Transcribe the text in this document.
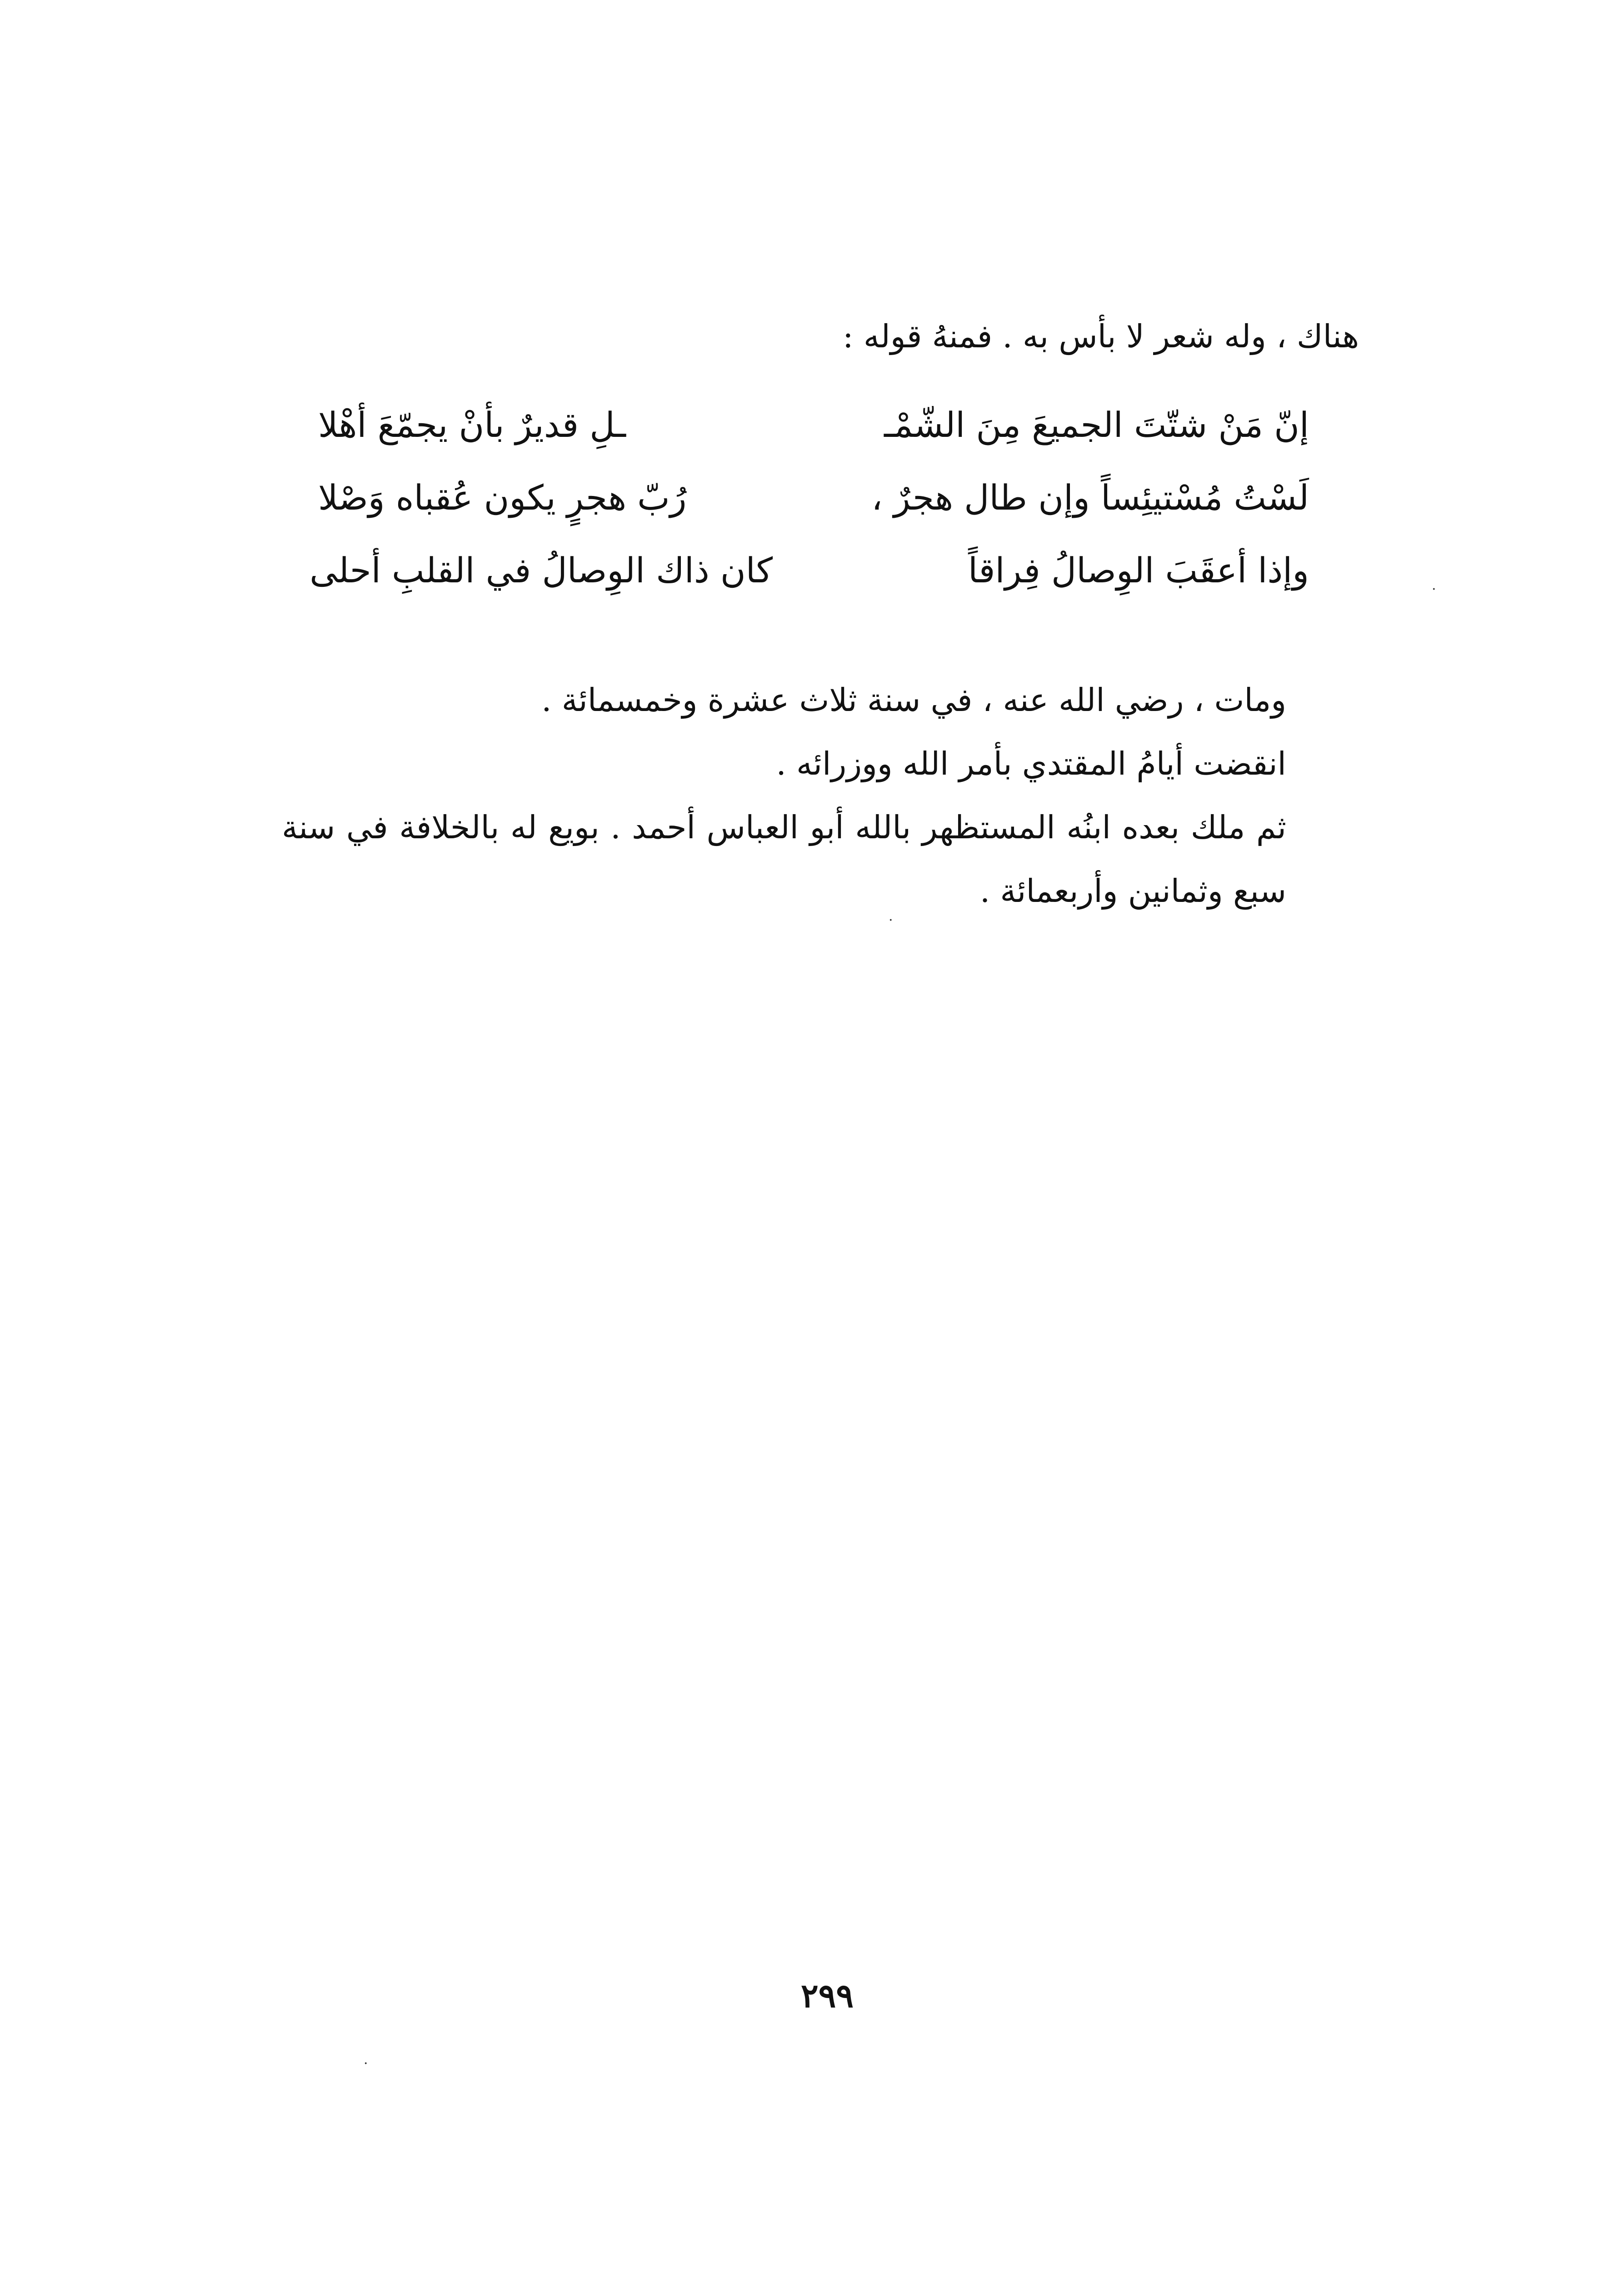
هناك ، وله شعر لا بأس به . فمنهُ قوله :
إنّ مَنْ شتّتَ الجميعَ مِنَ الشّمْـ
ـلِ قديرٌ بأنْ يجمّعَ أهْلا
لَسْتُ مُسْتيئِساً وإن طال هجرٌ ،
رُبّ هجرٍ يكون عُقباه وَصْلا
وإذا أعقَبَ الوِصالُ فِراقاً
كان ذاك الوِصالُ في القلبِ أحلى	·

ومات ، رضي الله عنه ، في سنة ثلاث عشرة وخمسمائة .

انقضت أيامُ المقتدي بأمر الله ووزرائه .

ثم ملك بعده ابنُه المستظهر بالله أبو العباس أحمد . بويع له بالخلافة في سنة سبع وثمانين وأربعمائة .

·
٢٩٩
·
